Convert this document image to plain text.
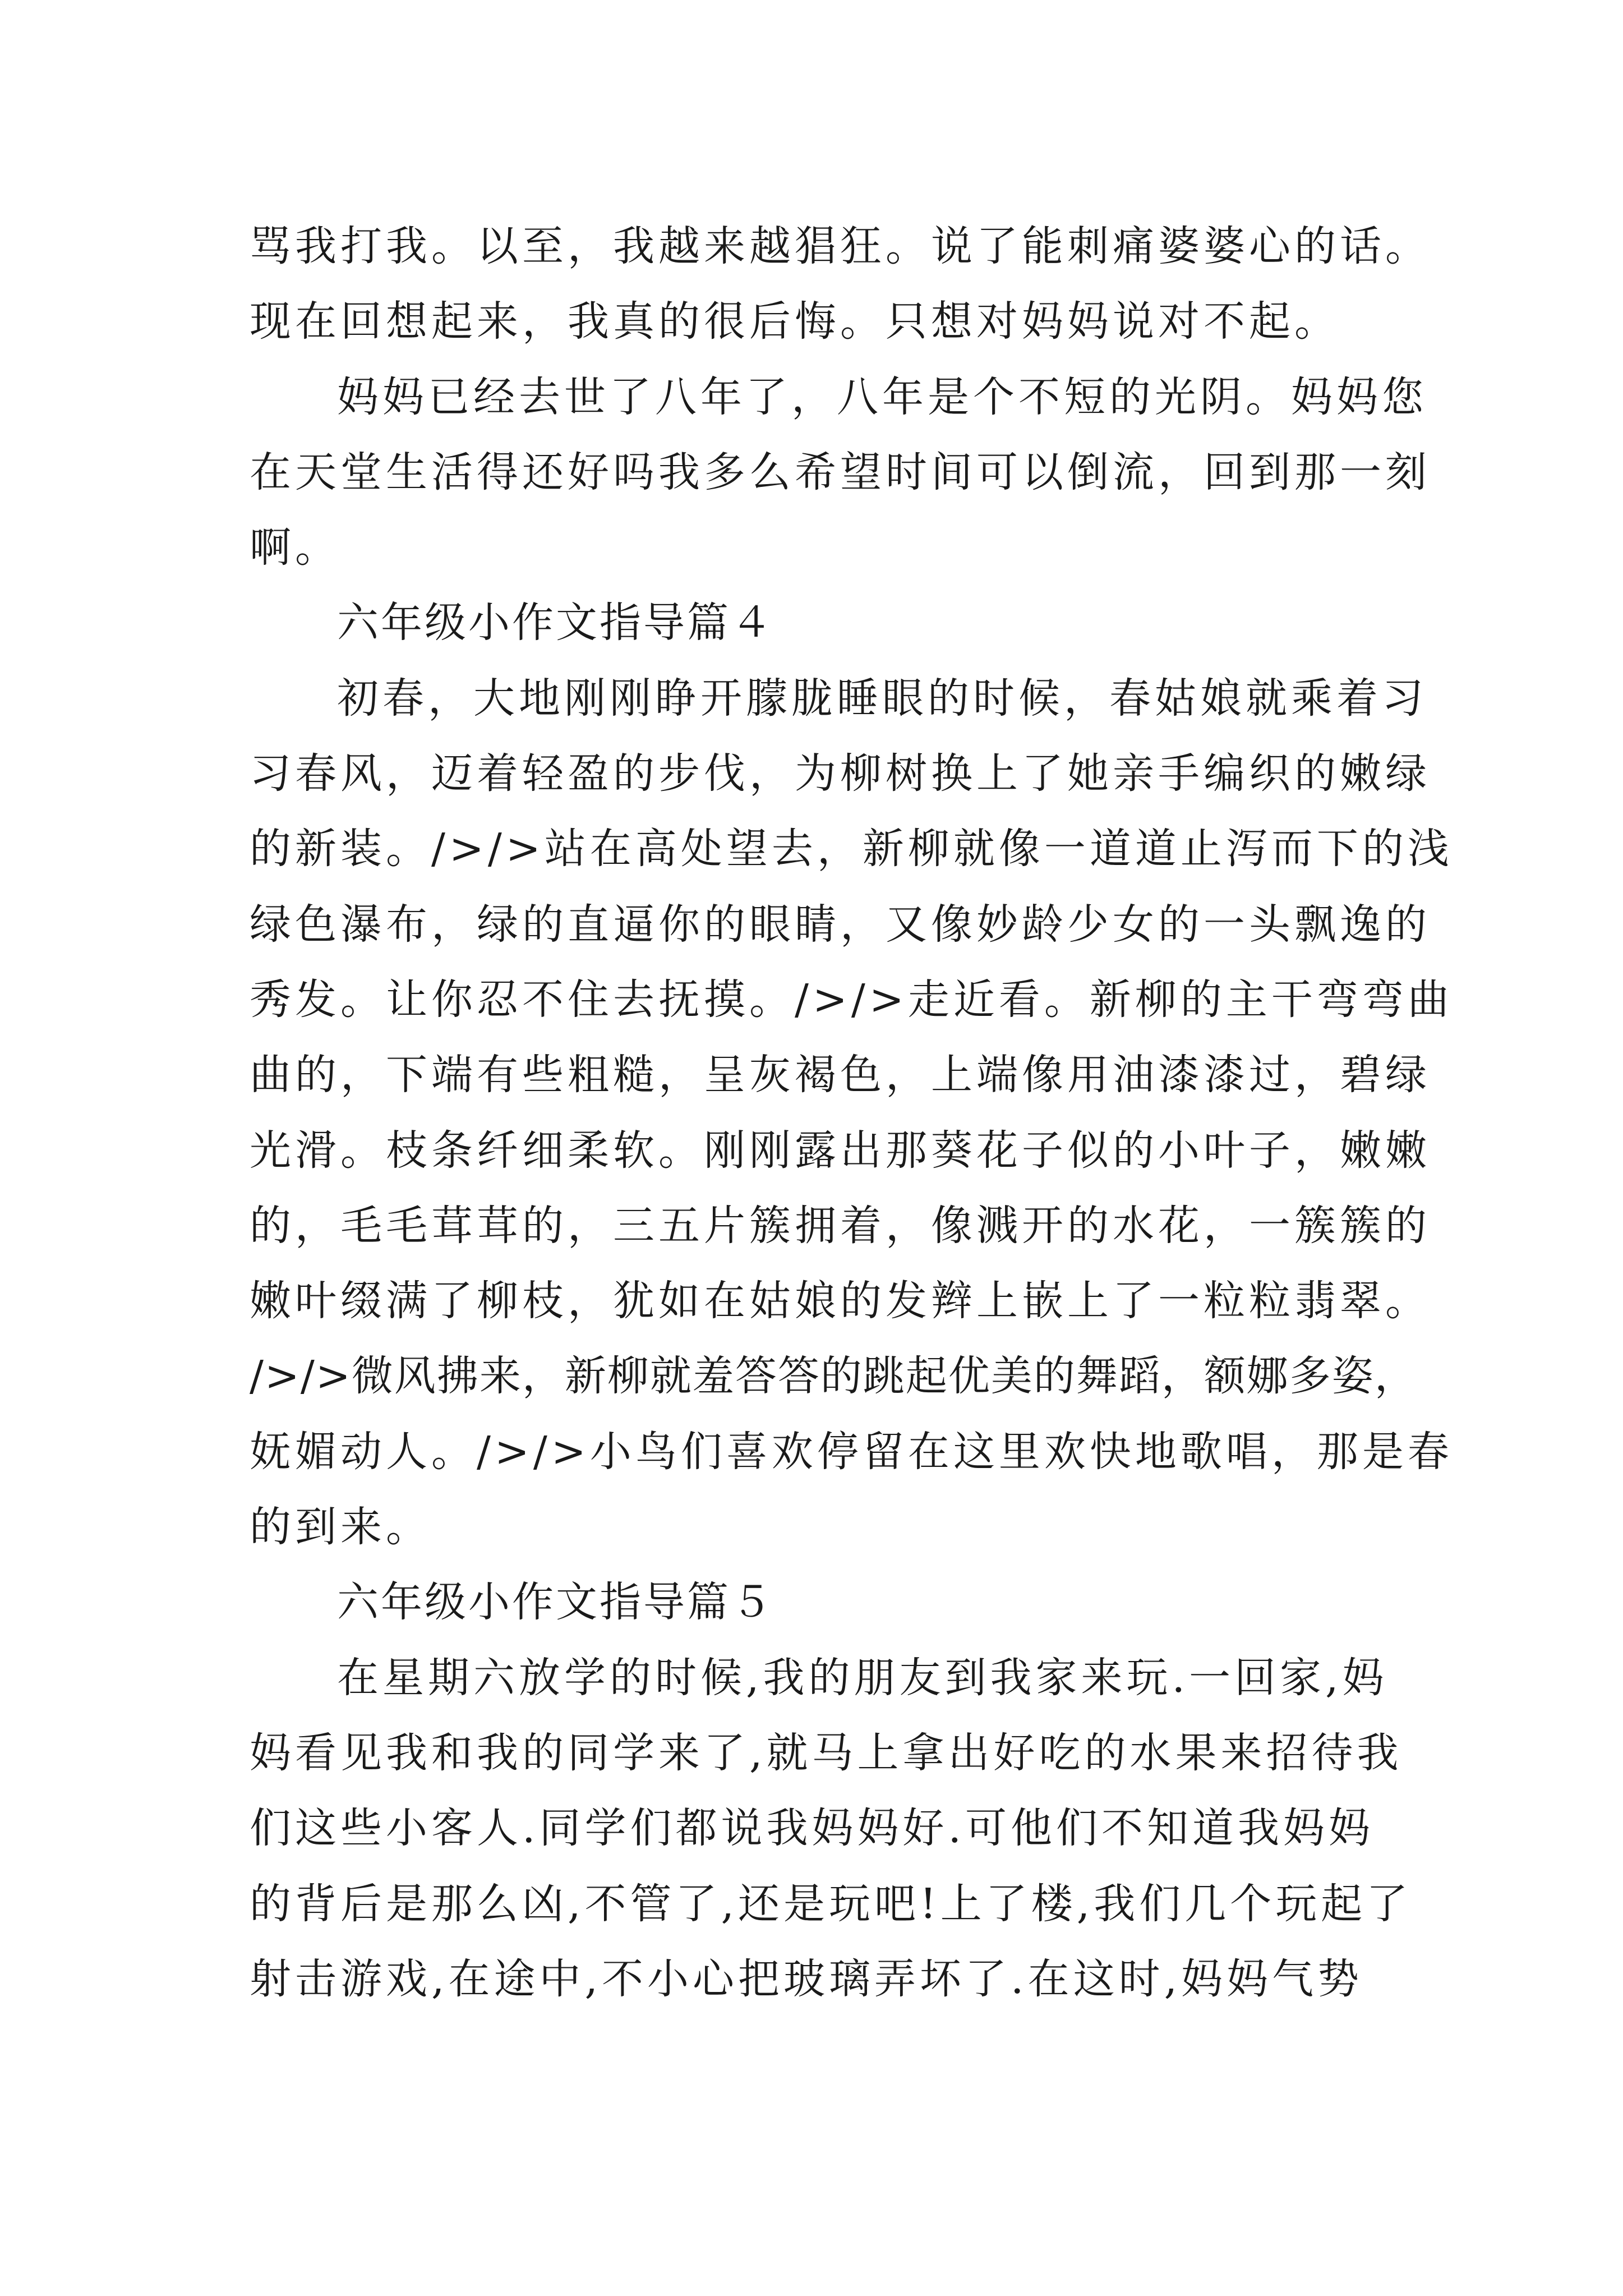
骂我打我。以至，我越来越猖狂。说了能刺痛婆婆心的话。
现在回想起来，我真的很后悔。只想对妈妈说对不起。

妈妈已经去世了八年了，八年是个不短的光阴。妈妈您
在天堂生活得还好吗我多么希望时间可以倒流，回到那一刻
啊。

六年级小作文指导篇４

初春，大地刚刚睁开朦胧睡眼的时候，春姑娘就乘着习
习春风，迈着轻盈的步伐，为柳树换上了她亲手编织的嫩绿
的新装。/>/>站在高处望去，新柳就像一道道止泻而下的浅
绿色瀑布，绿的直逼你的眼睛，又像妙龄少女的一头飘逸的
秀发。让你忍不住去抚摸。/>/>走近看。新柳的主干弯弯曲
曲的，下端有些粗糙，呈灰褐色，上端像用油漆漆过，碧绿
光滑。枝条纤细柔软。刚刚露出那葵花子似的小叶子，嫩嫩
的，毛毛茸茸的，三五片簇拥着，像溅开的水花，一簇簇的
嫩叶缀满了柳枝，犹如在姑娘的发辫上嵌上了一粒粒翡翠。
/>/>微风拂来，新柳就羞答答的跳起优美的舞蹈，额娜多姿，
妩媚动人。/>/>小鸟们喜欢停留在这里欢快地歌唱，那是春
的到来。

六年级小作文指导篇５

在星期六放学的时候,我的朋友到我家来玩.一回家,妈
妈看见我和我的同学来了,就马上拿出好吃的水果来招待我
们这些小客人.同学们都说我妈妈好.可他们不知道我妈妈
的背后是那么凶,不管了,还是玩吧!上了楼,我们几个玩起了
射击游戏,在途中,不小心把玻璃弄坏了.在这时,妈妈气势
